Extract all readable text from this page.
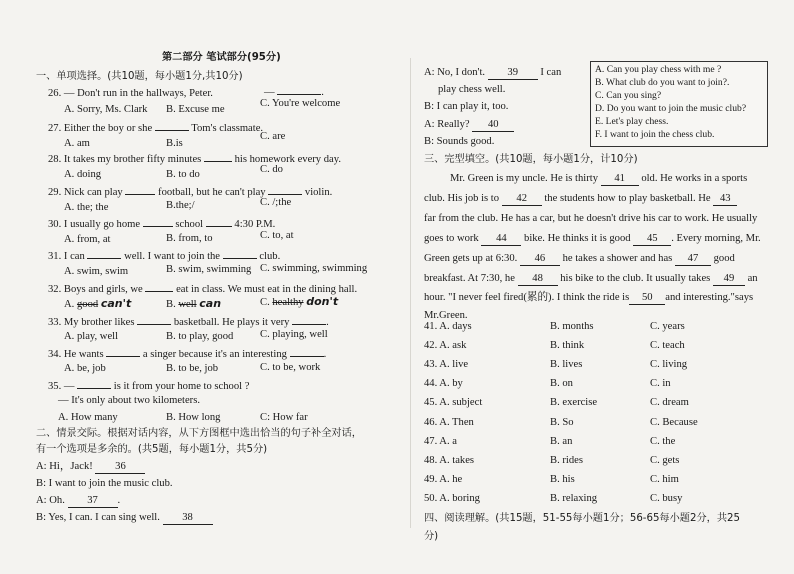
第二部分 笔试部分(95分)
一、单项选择。(共10题，每小题1分,共10分)
26. — Don't run in the hallways, Peter.	—	.
A. Sorry, Ms. Clark B. Excuse me
C. You're welcome
27. Either the boy or she	Tom's classmate.
A. am	B.is
C. are
28. It takes my brother fifty minutes	his homework every day.
A. doing	B. to do	C. do
29. Nick can play	football, but he can't play	violin.
A. the; the	B.the;/	C. /;the
30. I usually go home	school	4:30 P.M.
A. from, at	B. from, to	C. to, at
31. I can	well. I want to join the	club.
A. swim, swim	B. swim, swimming C. swimming, swimming
32. Boys and girls, we	eat in class. We must eat in the dining hall.
A. good can't	B. well can	C. healthy don't
33. My brother likes	basketball. He plays it very	.
A. play, well	B. to play, good	C. playing, well
34. He wants	a singer because it's an interesting	.
A. be, job	B. to be, job	C. to be, work
35. —	is it from your home to school ?
— It's only about two kilometers.
A. How many	B. How long	C: How far
二、情景交际。根据对话内容，从下方图框中选出恰当的句子补全对话，
有一个选项是多余的。(共5题，每小题1分，共5分)
A: Hi，Jack! 36
B: I want to join the music club.
A: Oh. 37 .
B: Yes, I can. I can sing well. 38
A: No, I don't. 39 I can
play chess well.
B: I can play it, too.
A: Really? 40
B: Sounds good.
三、完型填空。(共10题，每小题1分，计10分)
Mr. Green is my uncle. He is thirty 41 old. He works in a sports
club. His job is to 42 the students how to play basketball. He 43
far from the club. He has a car, but he doesn't drive his car to work. He usually
goes to work 44 bike. He thinks it is good 45 . Every morning, Mr.
Green gets up at 6:30. 46 he takes a shower and has 47 good
breakfast. At 7:30, he 48 his bike to the club. It usually takes 49 an
hour. "I never feel fired(累的). I think the ride is 50 and interesting."says
Mr.Green.
41. A. days	B. months	C. years
42. A. ask	B. think	C. teach
43. A. live	B. lives	C. living
44. A. by	B. on	C. in
45. A. subject	B. exercise	C. dream
46. A. Then	B. So	C. Because
47. A. a	B. an	C. the
48. A. takes	B. rides	C. gets
49. A. he	B. his	C. him
50. A. boring	B. relaxing	C. busy
四、阅读理解。(共15题，51-55每小题1分；56-65每小题2分，共25
分)
A. Can you play chess with me ?
B. What club do you want to join?.
C. Can you sing?
D. Do you want to join the music club?
E. Let's play chess.
F. I want to join the chess club.
